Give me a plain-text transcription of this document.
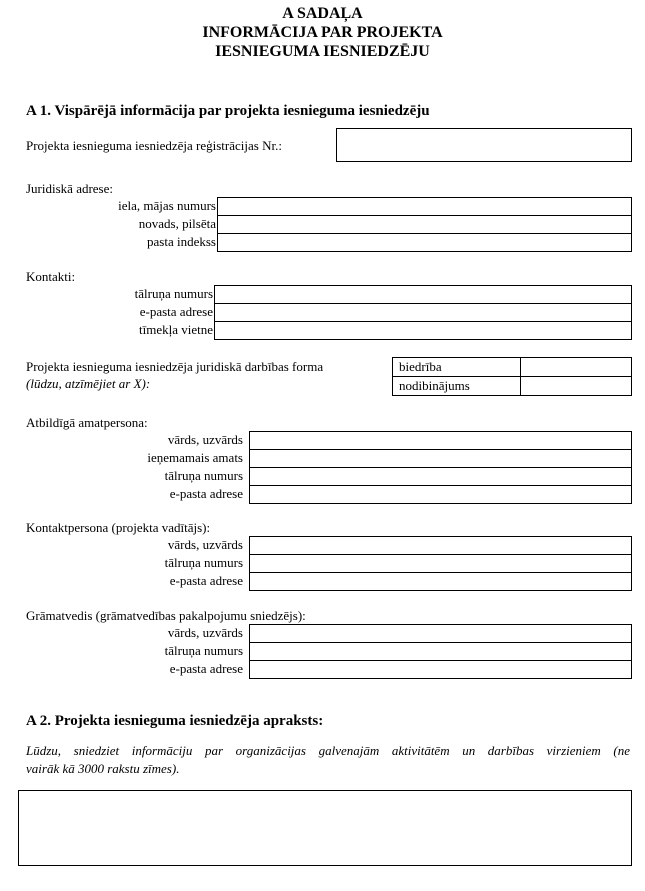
A SADAĻA
INFORMĀCIJA PAR PROJEKTA
IESNIEGUMA IESNIEDZĒJU
A 1. Vispārējā informācija par projekta iesnieguma iesniedzēju
Projekta iesnieguma iesniedzēja reģistrācijas Nr.:
Juridiskā adrese:
iela, mājas numurs
novads, pilsēta
pasta indekss

Kontakti:
tālruņa numurs
e-pasta adrese
tīmekļa vietne

Projekta iesnieguma iesniedzēja juridiskā darbības forma
(lūdzu, atzīmējiet ar X):
biedrība	
nodibinājums	
Atbildīgā amatpersona:
vārds, uzvārds
ieņemamais amats
tālruņa numurs
e-pasta adrese

Kontaktpersona (projekta vadītājs):
vārds, uzvārds
tālruņa numurs
e-pasta adrese

Grāmatvedis (grāmatvedības pakalpojumu sniedzējs):
vārds, uzvārds
tālruņa numurs
e-pasta adrese

A 2. Projekta iesnieguma iesniedzēja apraksts:
Lūdzu, sniedziet informāciju par organizācijas galvenajām aktivitātēm un darbības virzieniem (ne
vairāk kā 3000 rakstu zīmes).
